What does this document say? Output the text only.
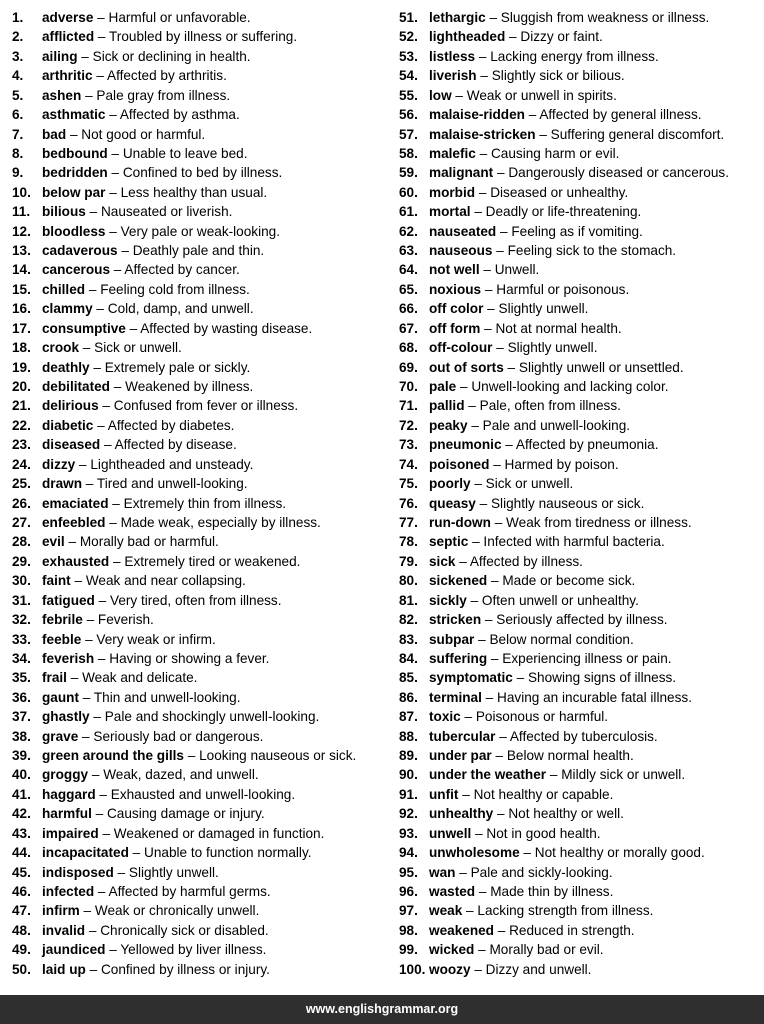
1. adverse – Harmful or unfavorable.
2. afflicted – Troubled by illness or suffering.
3. ailing – Sick or declining in health.
4. arthritic – Affected by arthritis.
5. ashen – Pale gray from illness.
6. asthmatic – Affected by asthma.
7. bad – Not good or harmful.
8. bedbound – Unable to leave bed.
9. bedridden – Confined to bed by illness.
10. below par – Less healthy than usual.
11. bilious – Nauseated or liverish.
12. bloodless – Very pale or weak-looking.
13. cadaverous – Deathly pale and thin.
14. cancerous – Affected by cancer.
15. chilled – Feeling cold from illness.
16. clammy – Cold, damp, and unwell.
17. consumptive – Affected by wasting disease.
18. crook – Sick or unwell.
19. deathly – Extremely pale or sickly.
20. debilitated – Weakened by illness.
21. delirious – Confused from fever or illness.
22. diabetic – Affected by diabetes.
23. diseased – Affected by disease.
24. dizzy – Lightheaded and unsteady.
25. drawn – Tired and unwell-looking.
26. emaciated – Extremely thin from illness.
27. enfeebled – Made weak, especially by illness.
28. evil – Morally bad or harmful.
29. exhausted – Extremely tired or weakened.
30. faint – Weak and near collapsing.
31. fatigued – Very tired, often from illness.
32. febrile – Feverish.
33. feeble – Very weak or infirm.
34. feverish – Having or showing a fever.
35. frail – Weak and delicate.
36. gaunt – Thin and unwell-looking.
37. ghastly – Pale and shockingly unwell-looking.
38. grave – Seriously bad or dangerous.
39. green around the gills – Looking nauseous or sick.
40. groggy – Weak, dazed, and unwell.
41. haggard – Exhausted and unwell-looking.
42. harmful – Causing damage or injury.
43. impaired – Weakened or damaged in function.
44. incapacitated – Unable to function normally.
45. indisposed – Slightly unwell.
46. infected – Affected by harmful germs.
47. infirm – Weak or chronically unwell.
48. invalid – Chronically sick or disabled.
49. jaundiced – Yellowed by liver illness.
50. laid up – Confined by illness or injury.
51. lethargic – Sluggish from weakness or illness.
52. lightheaded – Dizzy or faint.
53. listless – Lacking energy from illness.
54. liverish – Slightly sick or bilious.
55. low – Weak or unwell in spirits.
56. malaise-ridden – Affected by general illness.
57. malaise-stricken – Suffering general discomfort.
58. malefic – Causing harm or evil.
59. malignant – Dangerously diseased or cancerous.
60. morbid – Diseased or unhealthy.
61. mortal – Deadly or life-threatening.
62. nauseated – Feeling as if vomiting.
63. nauseous – Feeling sick to the stomach.
64. not well – Unwell.
65. noxious – Harmful or poisonous.
66. off color – Slightly unwell.
67. off form – Not at normal health.
68. off-colour – Slightly unwell.
69. out of sorts – Slightly unwell or unsettled.
70. pale – Unwell-looking and lacking color.
71. pallid – Pale, often from illness.
72. peaky – Pale and unwell-looking.
73. pneumonic – Affected by pneumonia.
74. poisoned – Harmed by poison.
75. poorly – Sick or unwell.
76. queasy – Slightly nauseous or sick.
77. run-down – Weak from tiredness or illness.
78. septic – Infected with harmful bacteria.
79. sick – Affected by illness.
80. sickened – Made or become sick.
81. sickly – Often unwell or unhealthy.
82. stricken – Seriously affected by illness.
83. subpar – Below normal condition.
84. suffering – Experiencing illness or pain.
85. symptomatic – Showing signs of illness.
86. terminal – Having an incurable fatal illness.
87. toxic – Poisonous or harmful.
88. tubercular – Affected by tuberculosis.
89. under par – Below normal health.
90. under the weather – Mildly sick or unwell.
91. unfit – Not healthy or capable.
92. unhealthy – Not healthy or well.
93. unwell – Not in good health.
94. unwholesome – Not healthy or morally good.
95. wan – Pale and sickly-looking.
96. wasted – Made thin by illness.
97. weak – Lacking strength from illness.
98. weakened – Reduced in strength.
99. wicked – Morally bad or evil.
100. woozy – Dizzy and unwell.
www.englishgrammar.org
